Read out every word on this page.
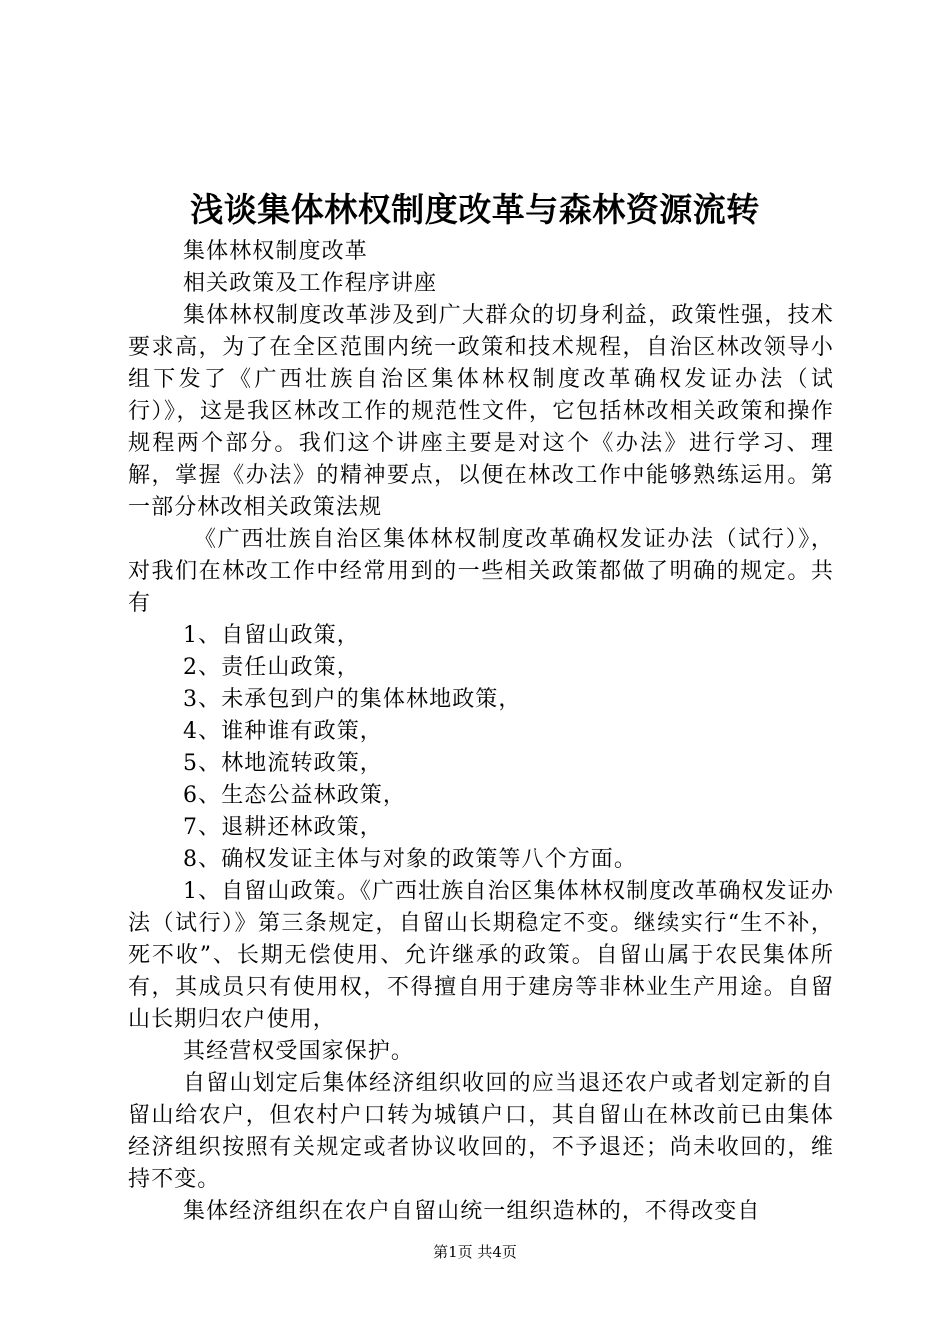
浅谈集体林权制度改革与森林资源流转

集体林权制度改革

相关政策及工作程序讲座

集体林权制度改革涉及到广大群众的切身利益，政策性强，技术要求高，为了在全区范围内统一政策和技术规程，自治区林改领导小组下发了《广西壮族自治区集体林权制度改革确权发证办法（试行）》，这是我区林改工作的规范性文件，它包括林改相关政策和操作规程两个部分。我们这个讲座主要是对这个《办法》进行学习、理解，掌握《办法》的精神要点，以便在林改工作中能够熟练运用。第一部分林改相关政策法规

《广西壮族自治区集体林权制度改革确权发证办法（试行）》，对我们在林改工作中经常用到的一些相关政策都做了明确的规定。共有

1、自留山政策，

2、责任山政策，

3、未承包到户的集体林地政策，

4、谁种谁有政策，

5、林地流转政策，

6、生态公益林政策，

7、退耕还林政策，

8、确权发证主体与对象的政策等八个方面。

1、自留山政策。《广西壮族自治区集体林权制度改革确权发证办法（试行）》第三条规定，自留山长期稳定不变。继续实行“生不补，死不收”、长期无偿使用、允许继承的政策。自留山属于农民集体所有，其成员只有使用权，不得擅自用于建房等非林业生产用途。自留山长期归农户使用，

其经营权受国家保护。

自留山划定后集体经济组织收回的应当退还农户或者划定新的自留山给农户，但农村户口转为城镇户口，其自留山在林改前已由集体经济组织按照有关规定或者协议收回的，不予退还；尚未收回的，维持不变。

集体经济组织在农户自留山统一组织造林的，不得改变自

第1页 共4页
